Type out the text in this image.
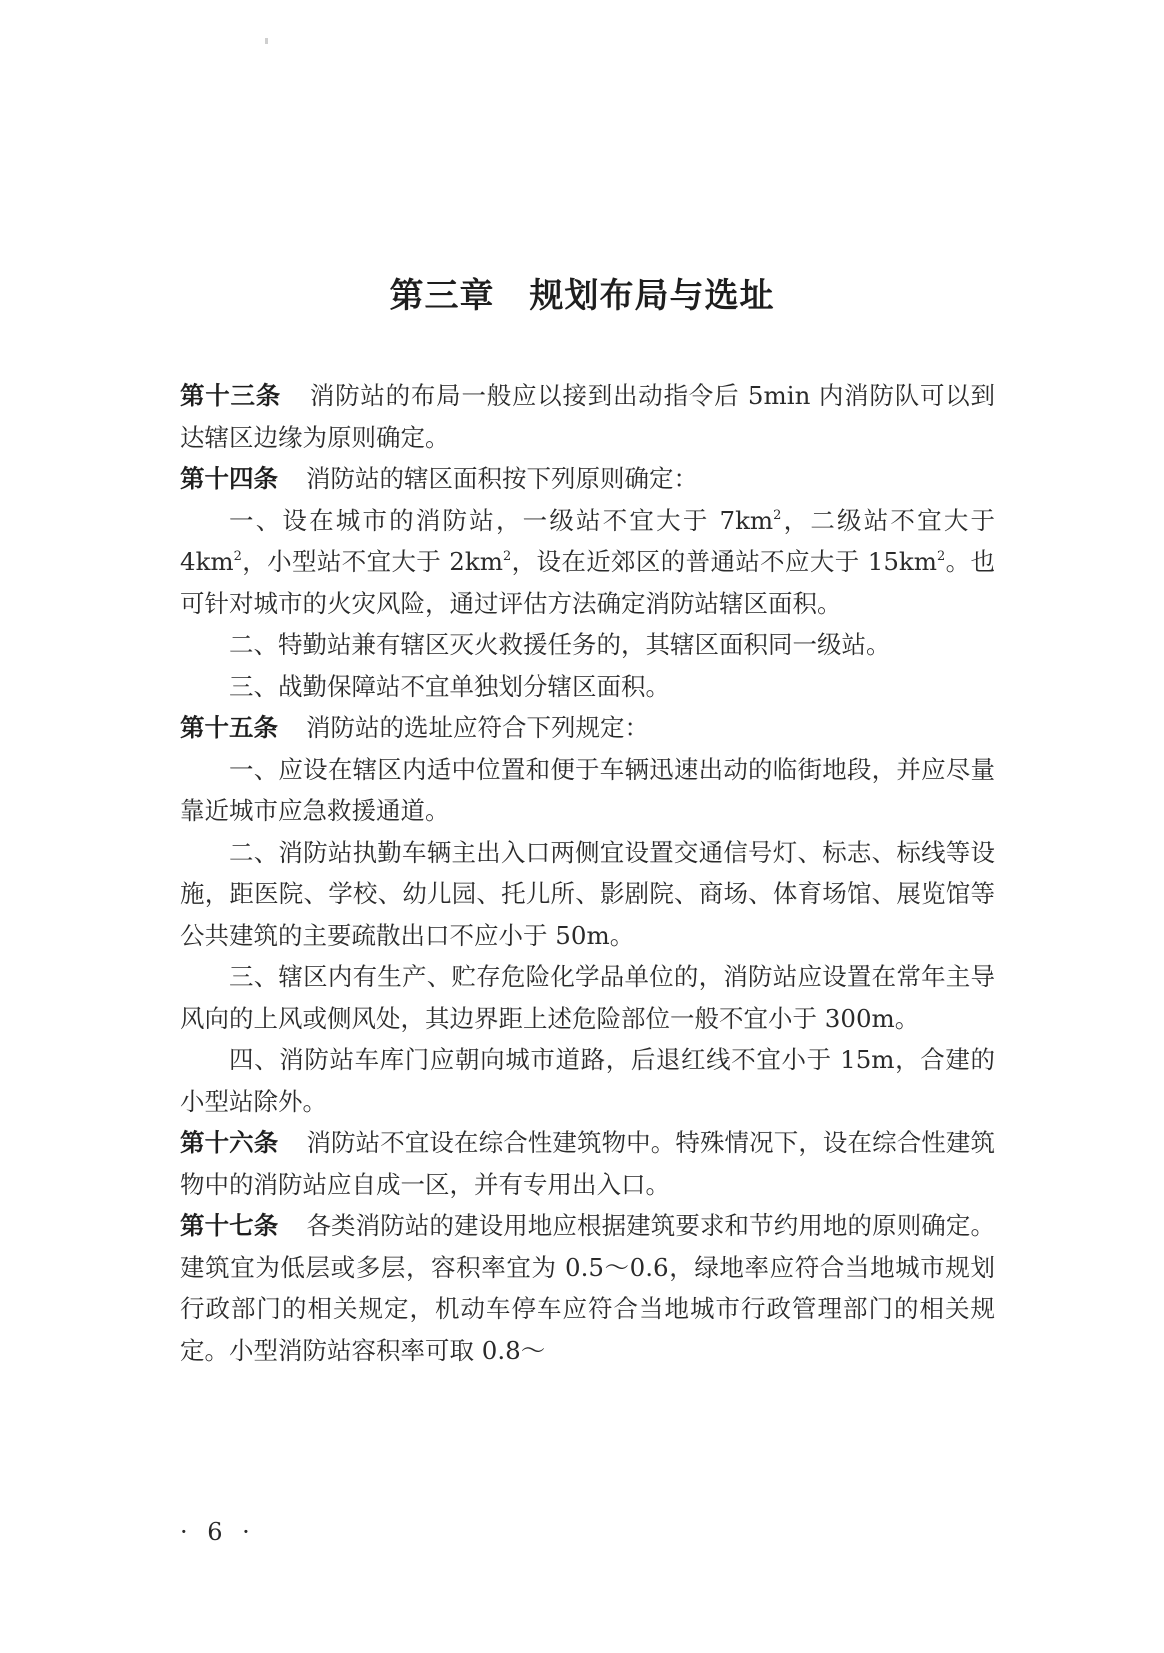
第三章　规划布局与选址

第十三条 消防站的布局一般应以接到出动指令后 5min 内消防队可以到达辖区边缘为原则确定。

第十四条 消防站的辖区面积按下列原则确定：

一、设在城市的消防站，一级站不宜大于 $7km^2$，二级站不宜大于 $4km^2$，小型站不宜大于 $2km^2$，设在近郊区的普通站不应大于 $15km^2$。也可针对城市的火灾风险，通过评估方法确定消防站辖区面积。

二、特勤站兼有辖区灭火救援任务的，其辖区面积同一级站。

三、战勤保障站不宜单独划分辖区面积。

第十五条 消防站的选址应符合下列规定：

一、应设在辖区内适中位置和便于车辆迅速出动的临街地段，并应尽量靠近城市应急救援通道。

二、消防站执勤车辆主出入口两侧宜设置交通信号灯、标志、标线等设施，距医院、学校、幼儿园、托儿所、影剧院、商场、体育场馆、展览馆等公共建筑的主要疏散出口不应小于 50m。

三、辖区内有生产、贮存危险化学品单位的，消防站应设置在常年主导风向的上风或侧风处，其边界距上述危险部位一般不宜小于 300m。

四、消防站车库门应朝向城市道路，后退红线不宜小于 15m，合建的小型站除外。

第十六条 消防站不宜设在综合性建筑物中。特殊情况下，设在综合性建筑物中的消防站应自成一区，并有专用出入口。

第十七条 各类消防站的建设用地应根据建筑要求和节约用地的原则确定。建筑宜为低层或多层，容积率宜为 0.5～0.6，绿地率应符合当地城市规划行政部门的相关规定，机动车停车应符合当地城市行政管理部门的相关规定。小型消防站容积率可取 0.8～

· 6 ·
